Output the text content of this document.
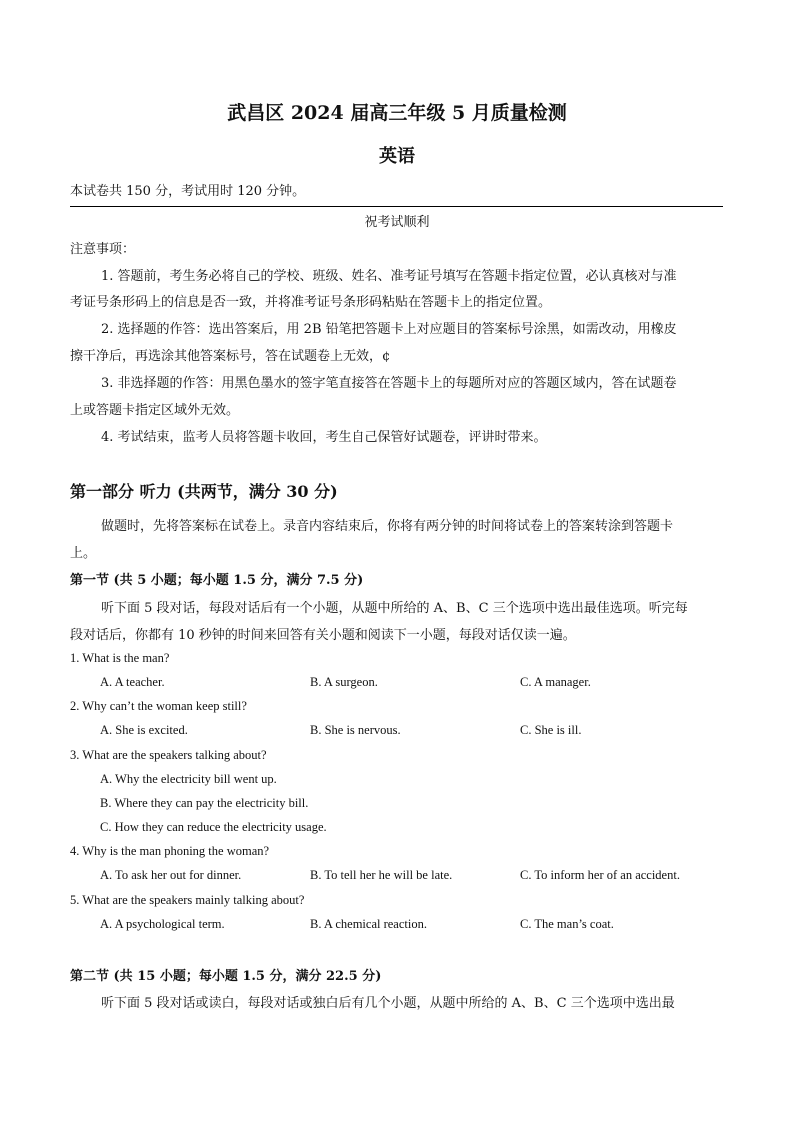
武昌区 2024 届高三年级 5 月质量检测
英语
本试卷共 150 分，考试用时 120 分钟。
祝考试顺利
注意事项：
1. 答题前，考生务必将自己的学校、班级、姓名、准考证号填写在答题卡指定位置，必认真核对与准
考证号条形码上的信息是否一致，并将准考证号条形码粘贴在答题卡上的指定位置。
2. 选择题的作答：选出答案后，用 2B 铅笔把答题卡上对应题目的答案标号涂黑，如需改动，用橡皮
擦干净后，再选涂其他答案标号，答在试题卷上无效，¢
3. 非选择题的作答：用黑色墨水的签字笔直接答在答题卡上的每题所对应的答题区域内，答在试题卷
上或答题卡指定区域外无效。
4. 考试结束，监考人员将答题卡收回，考生自己保管好试题卷，评讲时带来。
第一部分 听力 (共两节，满分 30 分)
做题时，先将答案标在试卷上。录音内容结束后，你将有两分钟的时间将试卷上的答案转涂到答题卡
上。
第一节 (共 5 小题；每小题 1.5 分，满分 7.5 分)
听下面 5 段对话，每段对话后有一个小题，从题中所给的 A、B、C 三个选项中选出最佳选项。听完每
段对话后，你都有 10 秒钟的时间来回答有关小题和阅读下一小题，每段对话仅读一遍。
1. What is the man?
A. A teacher.	B. A surgeon.	C. A manager.
2. Why can’t the woman keep still?
A. She is excited.	B. She is nervous.	C. She is ill.
3. What are the speakers talking about?
A. Why the electricity bill went up.
B. Where they can pay the electricity bill.
C. How they can reduce the electricity usage.
4. Why is the man phoning the woman?
A. To ask her out for dinner.	B. To tell her he will be late.	C. To inform her of an accident.
5. What are the speakers mainly talking about?
A. A psychological term.	B. A chemical reaction.	C. The man’s coat.
第二节 (共 15 小题；每小题 1.5 分，满分 22.5 分)
听下面 5 段对话或读白，每段对话或独白后有几个小题，从题中所给的 A、B、C 三个选项中选出最
